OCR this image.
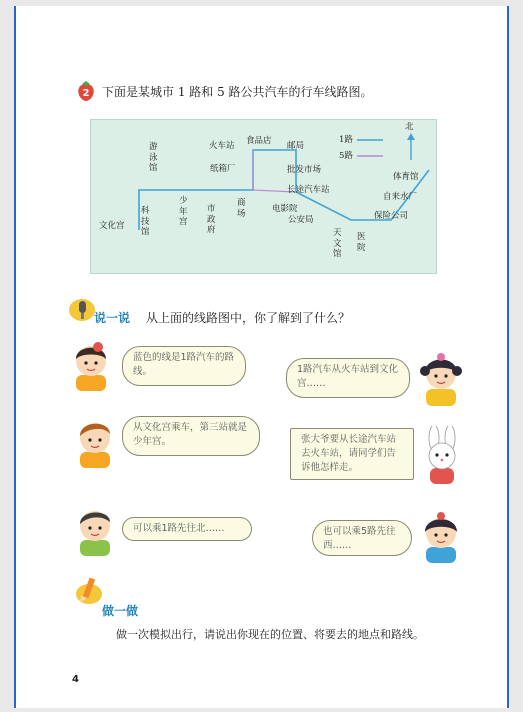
2 下面是某城市 1 路和 5 路公共汽车的行车线路图。
1路
5路
北
文化宫
游泳馆
科技馆
少年宫
市政府
商场
火车站 食品店 邮局
纸箱厂	批发市场
长途汽车站
电影院
公安局
天文馆
医院
保险公司
自来水厂
体育馆
说一说 从上面的线路图中，你了解到了什么？
蓝色的线是1路汽车的路线。	1路汽车从火车站到文化宫……
从文化宫乘车，第三站就是少年宫。	张大爷要从长途汽车站去火车站，请同学们告诉他怎样走。
可以乘1路先往北……	也可以乘5路先往西……
做一做
做一次模拟出行，请说出你现在的位置、将要去的地点和路线。
4
